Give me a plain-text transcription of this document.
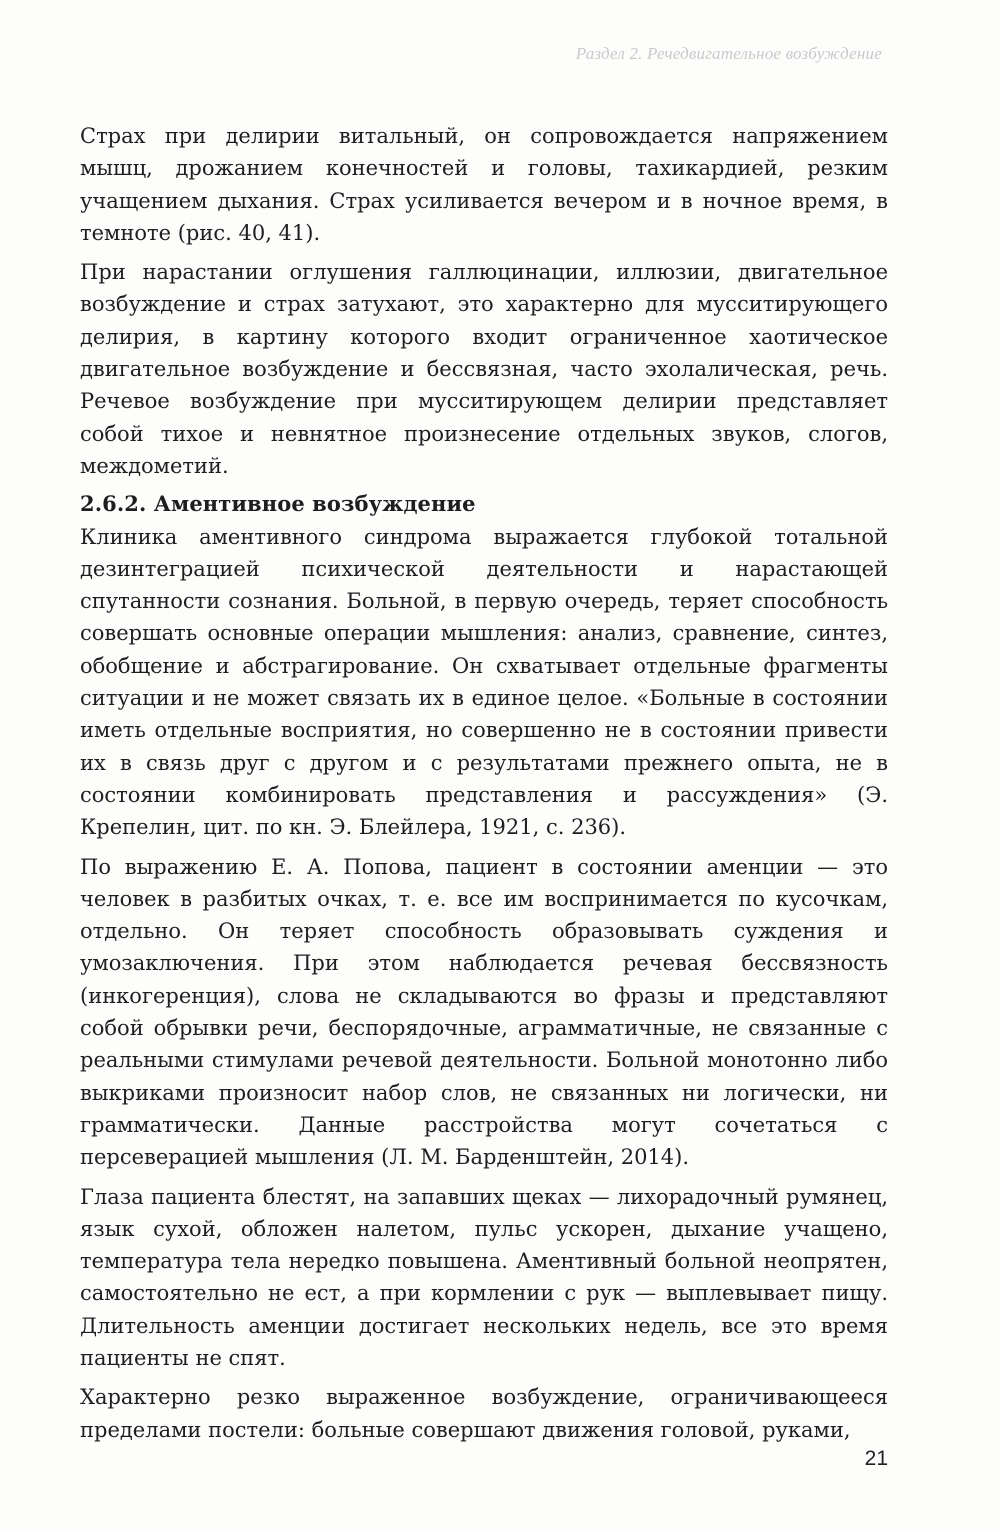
Раздел 2. Речедвигательное возбуждение

Страх при делирии витальный, он сопровождается напряжением мышц, дрожанием конечностей и головы, тахикардией, резким учащением дыхания. Страх усиливается вечером и в ночное время, в темноте (рис. 40, 41).

При нарастании оглушения галлюцинации, иллюзии, двигательное возбуждение и страх затухают, это характерно для мусситирующего делирия, в картину которого входит ограниченное хаотическое двигательное возбуждение и бессвязная, часто эхолалическая, речь. Речевое возбуждение при мусситирующем делирии представляет собой тихое и невнятное произнесение отдельных звуков, слогов, междометий.

2.6.2. Аментивное возбуждение

Клиника аментивного синдрома выражается глубокой тотальной дезинтеграцией психической деятельности и нарастающей спутанности сознания. Больной, в первую очередь, теряет способность совершать основные операции мышления: анализ, сравнение, синтез, обобщение и абстрагирование. Он схватывает отдельные фрагменты ситуации и не может связать их в единое целое. «Больные в состоянии иметь отдельные восприятия, но совершенно не в состоянии привести их в связь друг с другом и с результатами прежнего опыта, не в состоянии комбинировать представления и рассуждения» (Э. Крепелин, цит. по кн. Э. Блейлера, 1921, с. 236).

По выражению Е. А. Попова, пациент в состоянии аменции — это человек в разбитых очках, т. е. все им воспринимается по кусочкам, отдельно. Он теряет способность образовывать суждения и умозаключения. При этом наблюдается речевая бессвязность (инкогеренция), слова не складываются во фразы и представляют собой обрывки речи, беспорядочные, аграмматичные, не связанные с реальными стимулами речевой деятельности. Больной монотонно либо выкриками произносит набор слов, не связанных ни логически, ни грамматически. Данные расстройства могут сочетаться с персеверацией мышления (Л. М. Барденштейн, 2014).

Глаза пациента блестят, на запавших щеках — лихорадочный румянец, язык сухой, обложен налетом, пульс ускорен, дыхание учащено, температура тела нередко повышена. Аментивный больной неопрятен, самостоятельно не ест, а при кормлении с рук — выплевывает пищу. Длительность аменции достигает нескольких недель, все это время пациенты не спят.

Характерно резко выраженное возбуждение, ограничивающееся пределами постели: больные совершают движения головой, руками,

21
